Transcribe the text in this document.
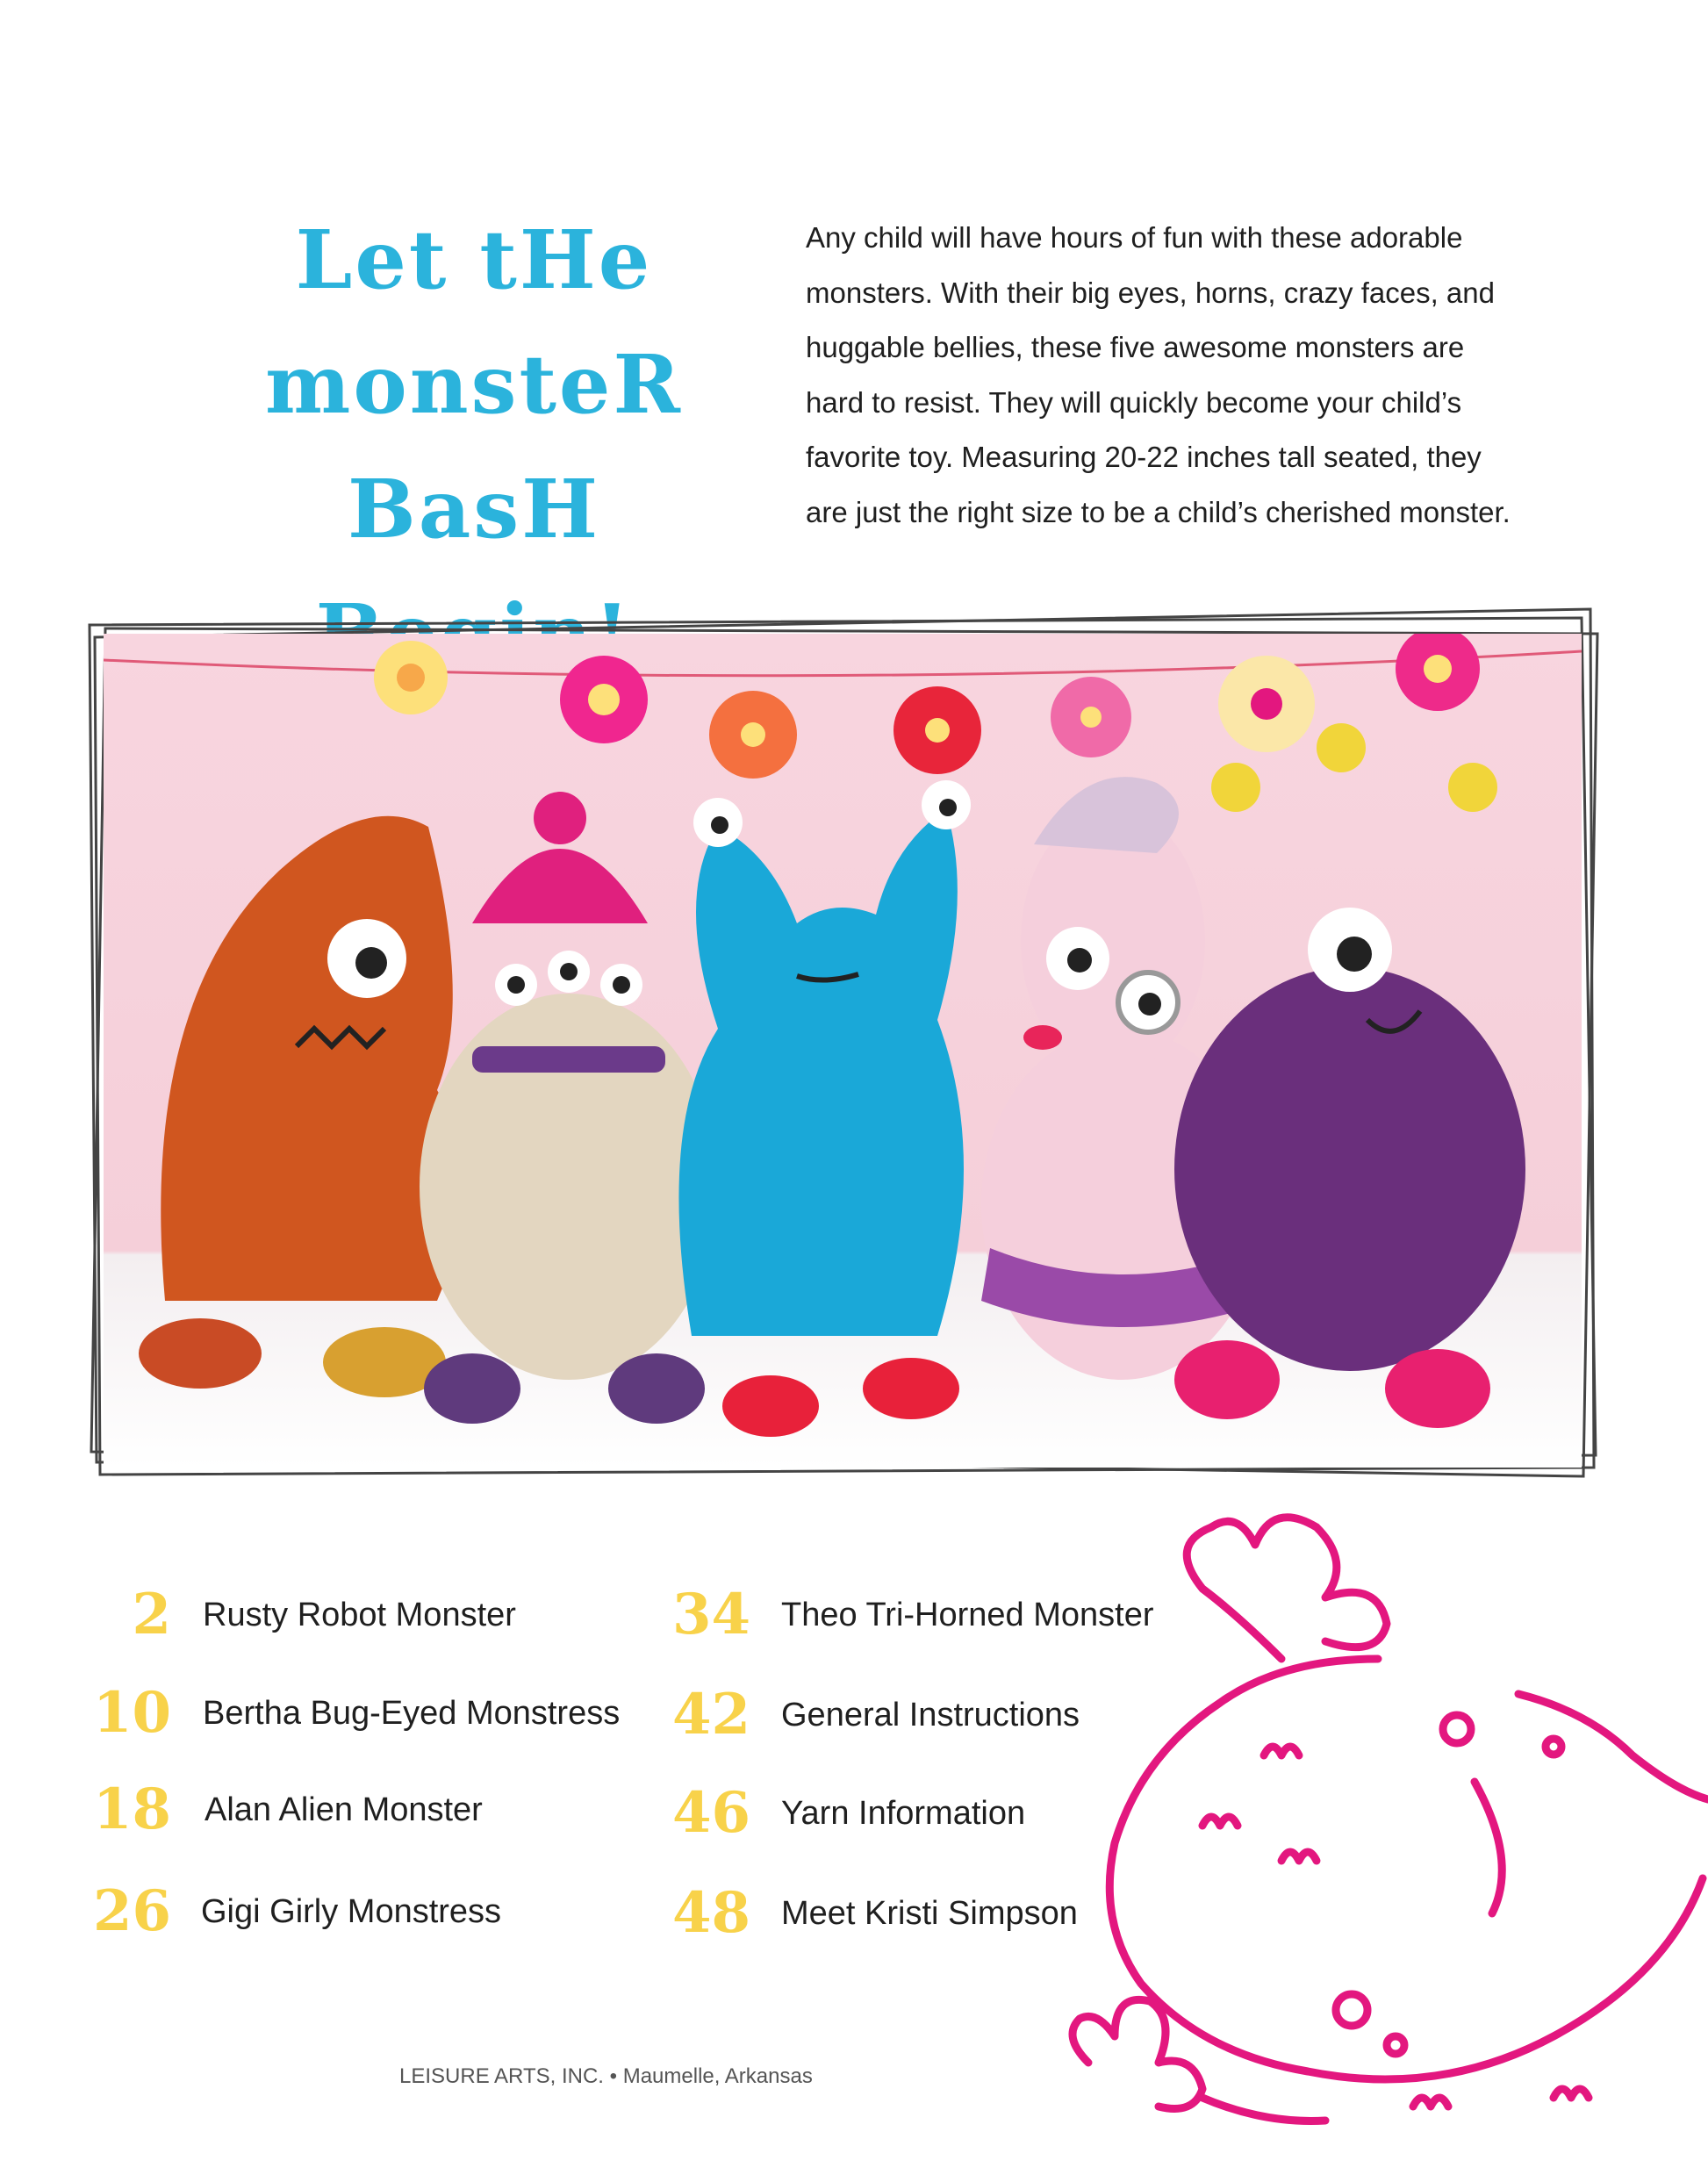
Let tHe
monsteR
BasH
Any child will have hours of fun with these adorable
monsters. With their big eyes, horns, crazy faces, and
huggable bellies, these five awesome monsters are
hard to resist. They will quickly become your child’s
favorite toy. Measuring 20-22 inches tall seated, they
are just the right size to be a child’s cherished monster.
2 Rusty Robot Monster
10 Bertha Bug-Eyed Monstress
18 Alan Alien Monster
26 Gigi Girly Monstress
34 Theo Tri-Horned Monster
42 General Instructions
46 Yarn Information
48 Meet Kristi Simpson
LEISURE ARTS, INC. • Maumelle, Arkansas
